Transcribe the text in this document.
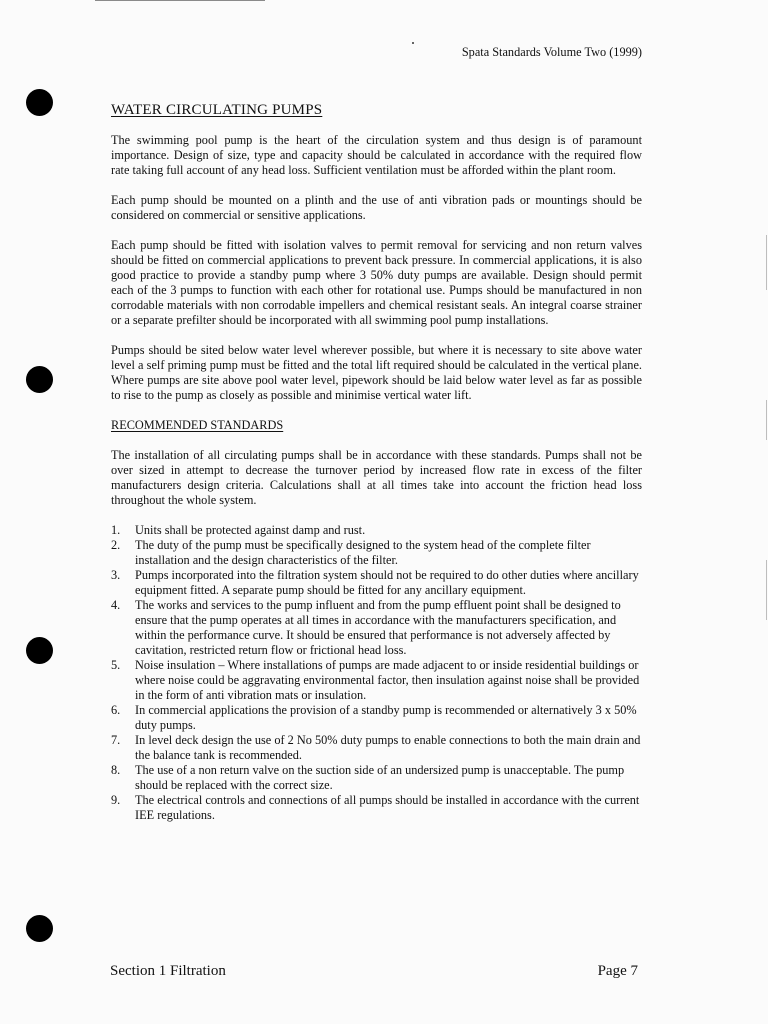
Spata Standards Volume Two (1999)
WATER CIRCULATING PUMPS

The swimming pool pump is the heart of the circulation system and thus design is of paramount importance. Design of size, type and capacity should be calculated in accordance with the required flow rate taking full account of any head loss. Sufficient ventilation must be afforded within the plant room.

Each pump should be mounted on a plinth and the use of anti vibration pads or mountings should be considered on commercial or sensitive applications.

Each pump should be fitted with isolation valves to permit removal for servicing and non return valves should be fitted on commercial applications to prevent back pressure. In commercial applications, it is also good practice to provide a standby pump where 3 50% duty pumps are available. Design should permit each of the 3 pumps to function with each other for rotational use. Pumps should be manufactured in non corrodable materials with non corrodable impellers and chemical resistant seals. An integral coarse strainer or a separate prefilter should be incorporated with all swimming pool pump installations.

Pumps should be sited below water level wherever possible, but where it is necessary to site above water level a self priming pump must be fitted and the total lift required should be calculated in the vertical plane. Where pumps are site above pool water level, pipework should be laid below water level as far as possible to rise to the pump as closely as possible and minimise vertical water lift.

RECOMMENDED STANDARDS

The installation of all circulating pumps shall be in accordance with these standards. Pumps shall not be over sized in attempt to decrease the turnover period by increased flow rate in excess of the filter manufacturers design criteria. Calculations shall at all times take into account the friction head loss throughout the whole system.

1. Units shall be protected against damp and rust.
2. The duty of the pump must be specifically designed to the system head of the complete filter installation and the design characteristics of the filter.
3. Pumps incorporated into the filtration system should not be required to do other duties where ancillary equipment fitted. A separate pump should be fitted for any ancillary equipment.
4. The works and services to the pump influent and from the pump effluent point shall be designed to ensure that the pump operates at all times in accordance with the manufacturers specification, and within the performance curve. It should be ensured that performance is not adversely affected by cavitation, restricted return flow or frictional head loss.
5. Noise insulation – Where installations of pumps are made adjacent to or inside residential buildings or where noise could be aggravating environmental factor, then insulation against noise shall be provided in the form of anti vibration mats or insulation.
6. In commercial applications the provision of a standby pump is recommended or alternatively 3 x 50% duty pumps.
7. In level deck design the use of 2 No 50% duty pumps to enable connections to both the main drain and the balance tank is recommended.
8. The use of a non return valve on the suction side of an undersized pump is unacceptable. The pump should be replaced with the correct size.
9. The electrical controls and connections of all pumps should be installed in accordance with the current IEE regulations.
Section 1 Filtration	Page 7
